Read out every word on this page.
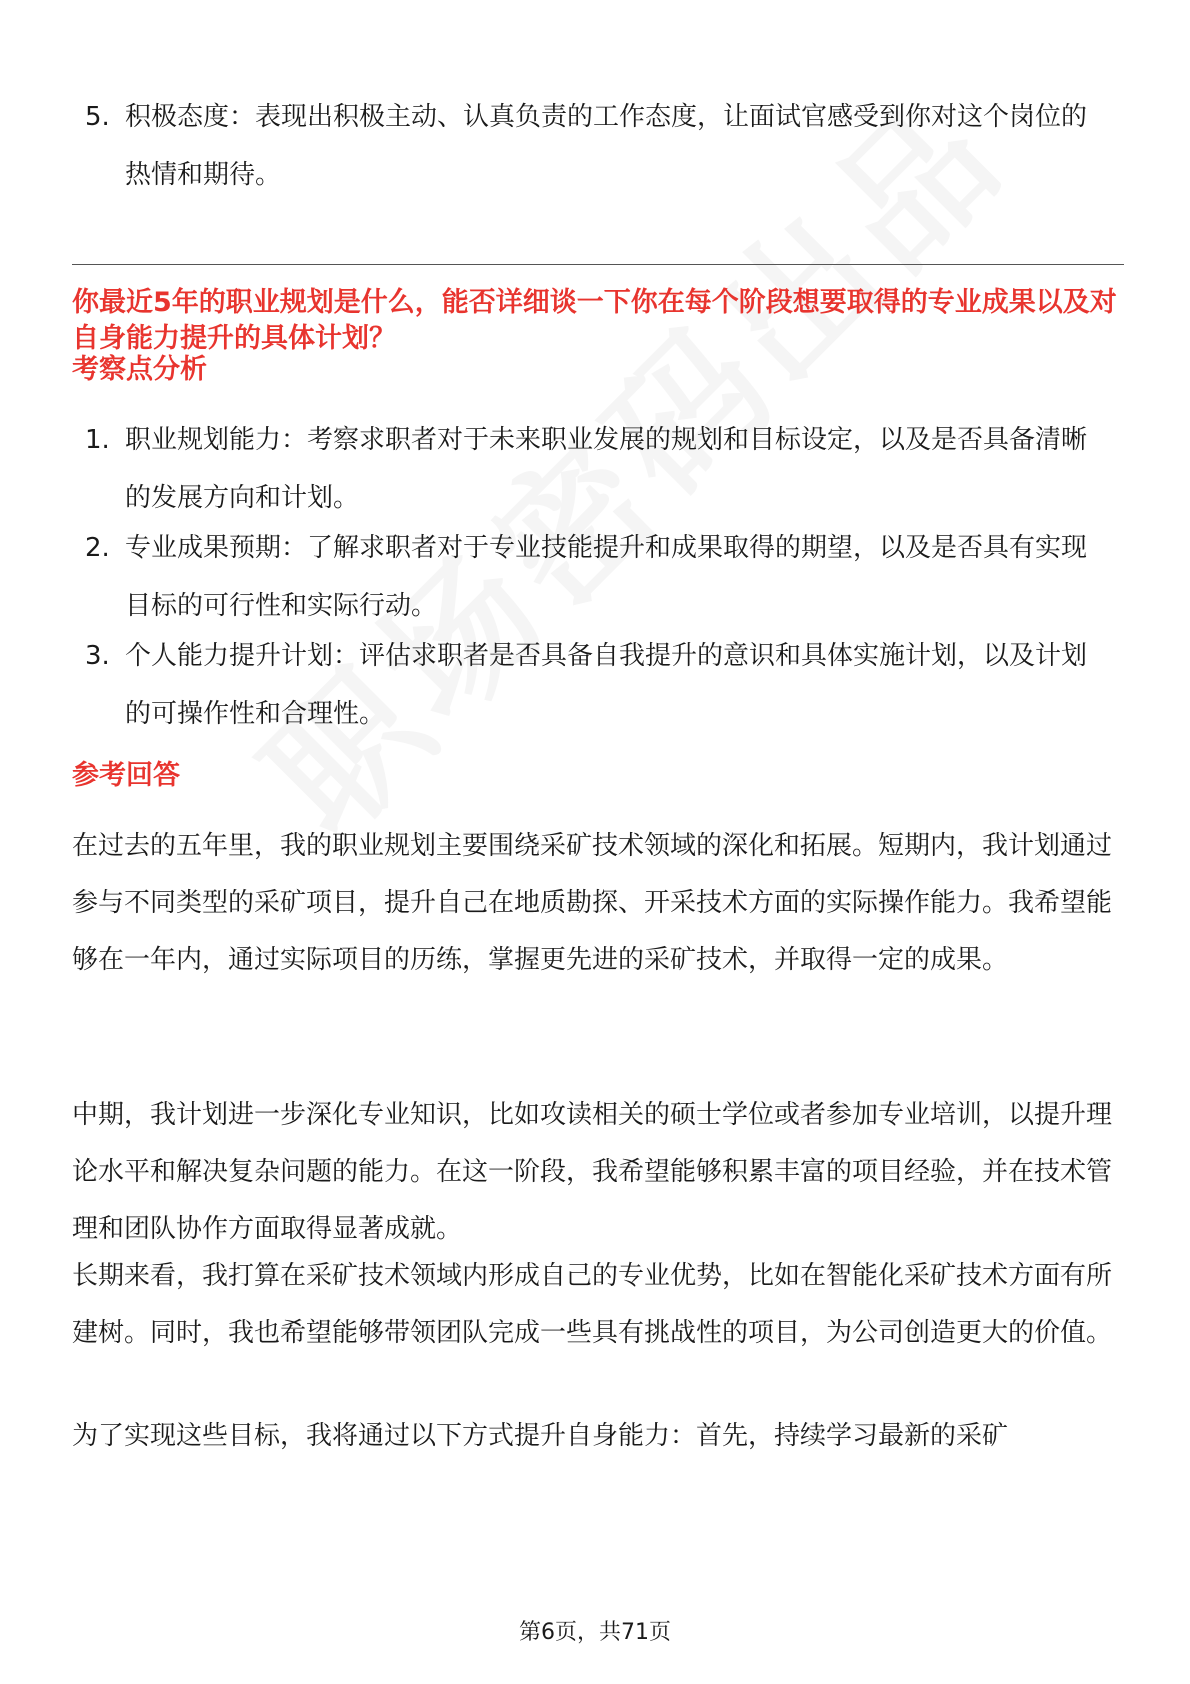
5. 积极态度：表现出积极主动、认真负责的工作态度，让面试官感受到你对这个岗位的热情和期待。
你最近5年的职业规划是什么，能否详细谈一下你在每个阶段想要取得的专业成果以及对自身能力提升的具体计划？
考察点分析
1. 职业规划能力：考察求职者对于未来职业发展的规划和目标设定，以及是否具备清晰的发展方向和计划。
2. 专业成果预期：了解求职者对于专业技能提升和成果取得的期望，以及是否具有实现目标的可行性和实际行动。
3. 个人能力提升计划：评估求职者是否具备自我提升的意识和具体实施计划，以及计划的可操作性和合理性。
参考回答
在过去的五年里，我的职业规划主要围绕采矿技术领域的深化和拓展。短期内，我计划通过参与不同类型的采矿项目，提升自己在地质勘探、开采技术方面的实际操作能力。我希望能够在一年内，通过实际项目的历练，掌握更先进的采矿技术，并取得一定的成果。
中期，我计划进一步深化专业知识，比如攻读相关的硕士学位或者参加专业培训，以提升理论水平和解决复杂问题的能力。在这一阶段，我希望能够积累丰富的项目经验，并在技术管理和团队协作方面取得显著成就。
长期来看，我打算在采矿技术领域内形成自己的专业优势，比如在智能化采矿技术方面有所建树。同时，我也希望能够带领团队完成一些具有挑战性的项目，为公司创造更大的价值。
为了实现这些目标，我将通过以下方式提升自身能力：首先，持续学习最新的采矿
第6页，共71页
